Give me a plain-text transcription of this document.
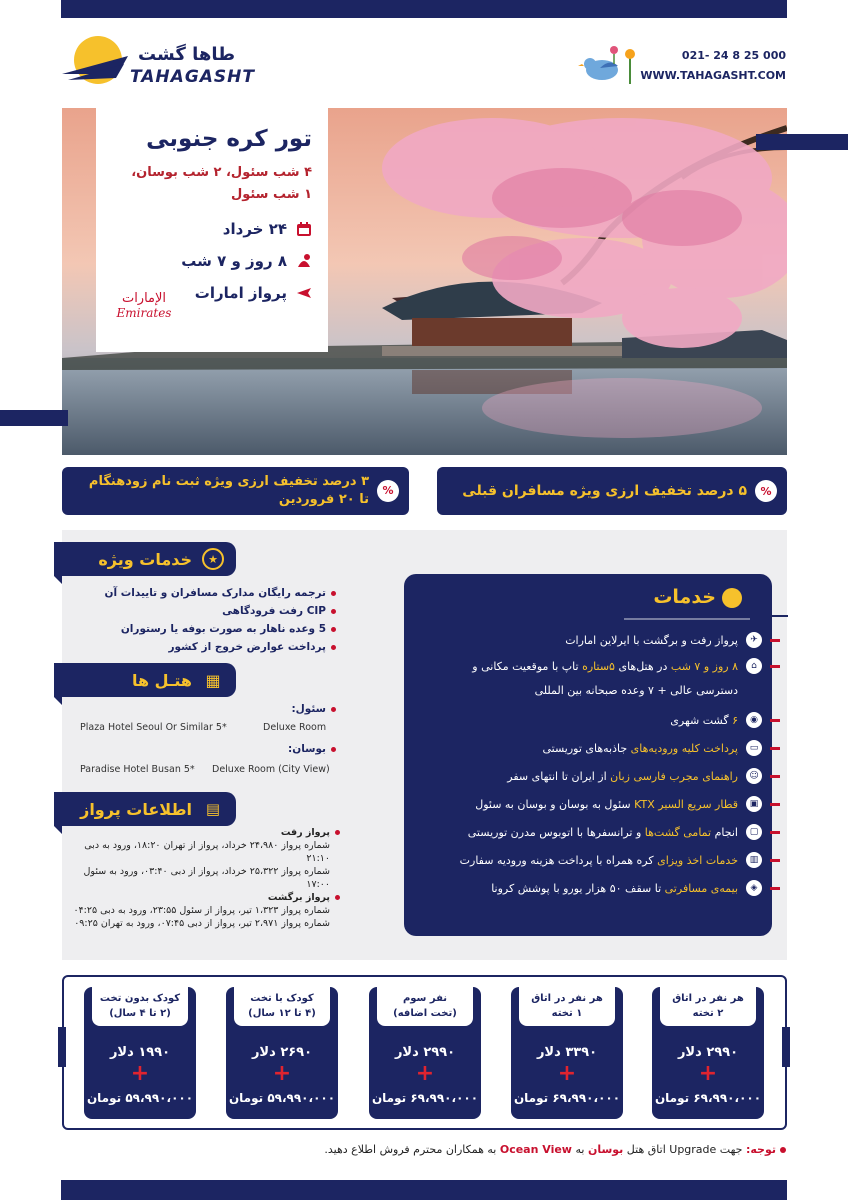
طاها گشت
TAHAGASHT
021- 24 8 25 000
WWW.TAHAGASHT.COM
تور کره جنوبی
۴ شب سئول، ۲ شب بوسان،
۱ شب سئول
۲۴ خرداد
۸ روز و ۷ شب
پرواز امارات
الإمارات
Emirates
%
۵ درصد تخفیف ارزی ویژه مسافران قبلی
%
۳ درصد تخفیف ارزی ویژه ثبت نام زودهنگام
تا ۲۰ فروردین
★
خدمات ویژه
ترجمه رایگان مدارک مسافران و تاییدات آن
CIP رفت فرودگاهی
5 وعده ناهار به صورت بوفه یا رستوران
پرداخت عوارض خروج از کشور
▦
هتـل ها
سئول:
Plaza Hotel Seoul Or Similar 5*	Deluxe Room
بوسان:
Paradise Hotel Busan 5* Deluxe Room (City View)
▤
اطلاعات پرواز
پرواز رفت
شماره پرواز ۲۴،۹۸۰ خرداد، پرواز از تهران ۱۸:۲۰، ورود به دبی ۲۱:۱۰
شماره پرواز ۲۵،۳۲۲ خرداد، پرواز از دبی ۰۳:۴۰، ورود به سئول ۱۷:۰۰
پرواز برگشت
شماره پرواز ۱،۳۲۳ تیر، پرواز از سئول ۲۳:۵۵، ورود به دبی ۰۴:۲۵
شماره پرواز ۲،۹۷۱ تیر، پرواز از دبی ۰۷:۴۵، ورود به تهران ۰۹:۲۵
خدمات
✈
پرواز رفت و برگشت با ایرلاین امارات
⌂
۸ روز و ۷ شب در هتل‌های ۵ستاره تاپ با موقعیت مکانی و
دسترسی عالی + ۷ وعده صبحانه بین المللی
◉
۶ گشت شهری
▭
پرداخت کلیه ورودیه‌های جاذبه‌های توریستی
☺
راهنمای مجرب فارسی زبان از ایران تا انتهای سفر
▣
قطار سریع السیر KTX سئول به بوسان و بوسان به سئول
▢
انجام تمامی گشت‌ها و ترانسفرها با اتوبوس مدرن توریستی
▥
خدمات اخذ ویزای کره همراه با پرداخت هزینه ورودیه سفارت
◈
بیمه‌ی مسافرتی تا سقف ۵۰ هزار یورو با پوشش کرونا
هر نفر در اتاق
۲ تخته
۲۹۹۰ دلار
+
۶۹،۹۹۰،۰۰۰ تومان
هر نفر در اتاق
۱ تخته
۳۳۹۰ دلار
+
۶۹،۹۹۰،۰۰۰ تومان
نفر سوم
(تخت اضافه)
۲۹۹۰ دلار
+
۶۹،۹۹۰،۰۰۰ تومان
کودک با تخت
(۴ تا ۱۲ سال)
۲۶۹۰ دلار
+
۵۹،۹۹۰،۰۰۰ تومان
کودک بدون تخت
(۲ تا ۴ سال)
۱۹۹۰ دلار
+
۵۹،۹۹۰،۰۰۰ تومان
توجه: جهت Upgrade اتاق هتل بوسان به Ocean View به همکاران محترم فروش اطلاع دهید.
